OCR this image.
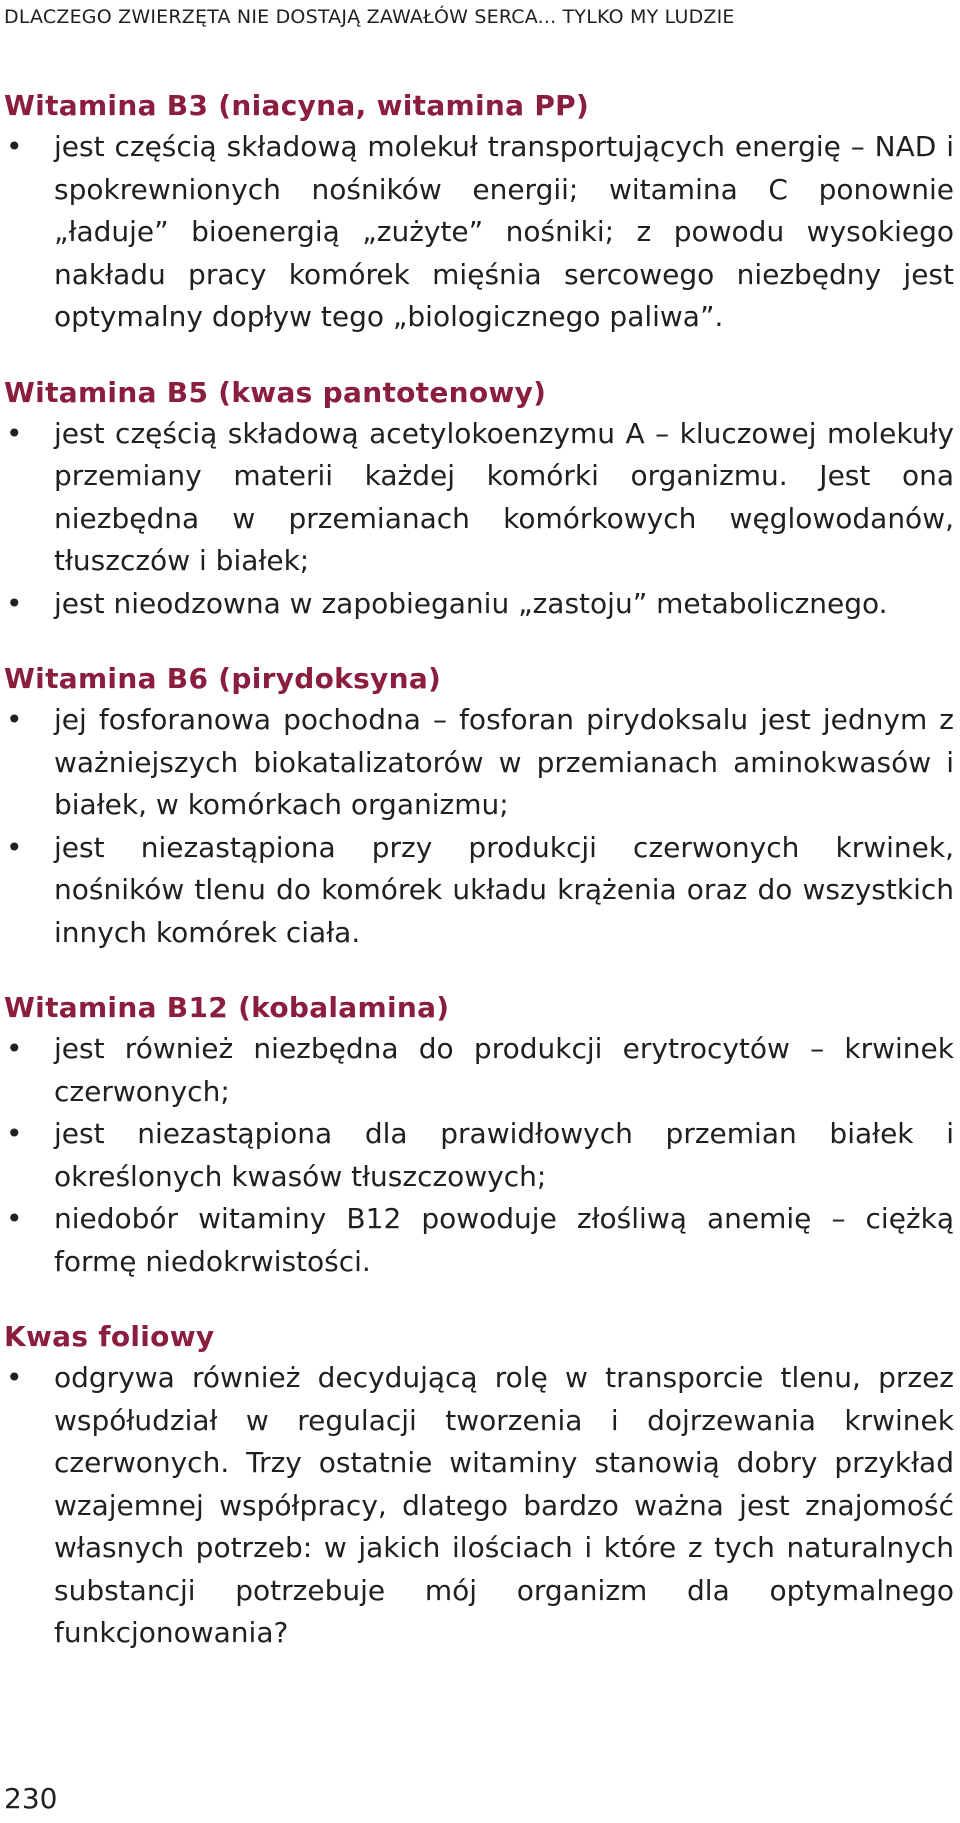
DLACZEGO ZWIERZĘTA NIE DOSTAJĄ ZAWAŁÓW SERCA... TYLKO MY LUDZIE
Witamina B3 (niacyna, witamina PP)
•	jest częścią składową molekuł transportujących energię – NAD i spokrewnionych nośników energii; witamina C ponownie „ładuje” bioenergią „zużyte” nośniki; z powodu wysokiego nakładu pracy komórek mięśnia sercowego niezbędny jest optymalny dopływ tego „biologicznego paliwa”.
Witamina B5 (kwas pantotenowy)
•	jest częścią składową acetylokoenzymu A – kluczowej molekuły przemiany materii każdej komórki organizmu. Jest ona niezbędna w przemianach komórkowych węglowodanów, tłuszczów i białek;
•	jest nieodzowna w zapobieganiu „zastoju” metabolicznego.
Witamina B6 (pirydoksyna)
•	jej fosforanowa pochodna – fosforan pirydoksalu jest jednym z ważniejszych biokatalizatorów w przemianach aminokwasów i białek, w komórkach organizmu;
•	jest niezastąpiona przy produkcji czerwonych krwinek, nośników tlenu do komórek układu krążenia oraz do wszystkich innych komórek ciała.
Witamina B12 (kobalamina)
•	jest również niezbędna do produkcji erytrocytów – krwinek czerwonych;
•	jest niezastąpiona dla prawidłowych przemian białek i określonych kwasów tłuszczowych;
•	niedobór witaminy B12 powoduje złośliwą anemię – ciężką formę niedokrwistości.
Kwas foliowy
•	odgrywa również decydującą rolę w transporcie tlenu, przez współudział w regulacji tworzenia i dojrzewania krwinek czerwonych. Trzy ostatnie witaminy stanowią dobry przykład wzajemnej współpracy, dlatego bardzo ważna jest znajomość własnych potrzeb: w jakich ilościach i które z tych naturalnych substancji potrzebuje mój organizm dla optymalnego funkcjonowania?
230
